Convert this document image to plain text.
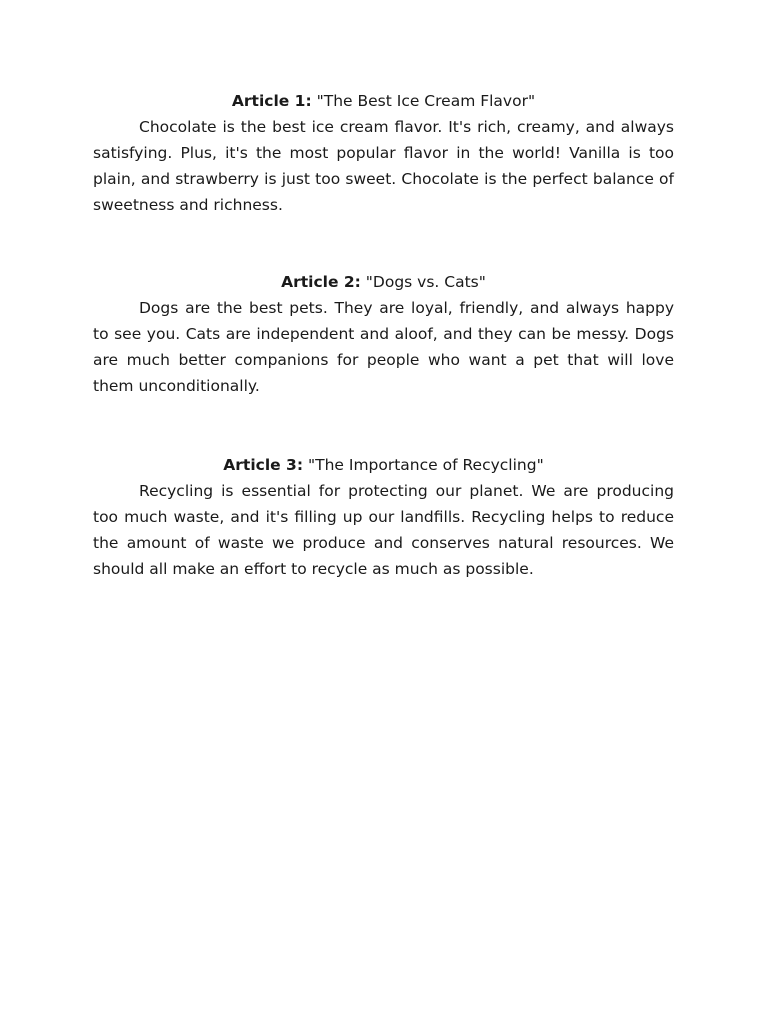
Article 1: "The Best Ice Cream Flavor"

Chocolate is the best ice cream flavor. It's rich, creamy, and always satisfying. Plus, it's the most popular flavor in the world! Vanilla is too plain, and strawberry is just too sweet. Chocolate is the perfect balance of sweetness and richness.

Article 2: "Dogs vs. Cats"

Dogs are the best pets. They are loyal, friendly, and always happy to see you. Cats are independent and aloof, and they can be messy. Dogs are much better companions for people who want a pet that will love them unconditionally.

Article 3: "The Importance of Recycling"

Recycling is essential for protecting our planet. We are producing too much waste, and it's filling up our landfills. Recycling helps to reduce the amount of waste we produce and conserves natural resources. We should all make an effort to recycle as much as possible.
